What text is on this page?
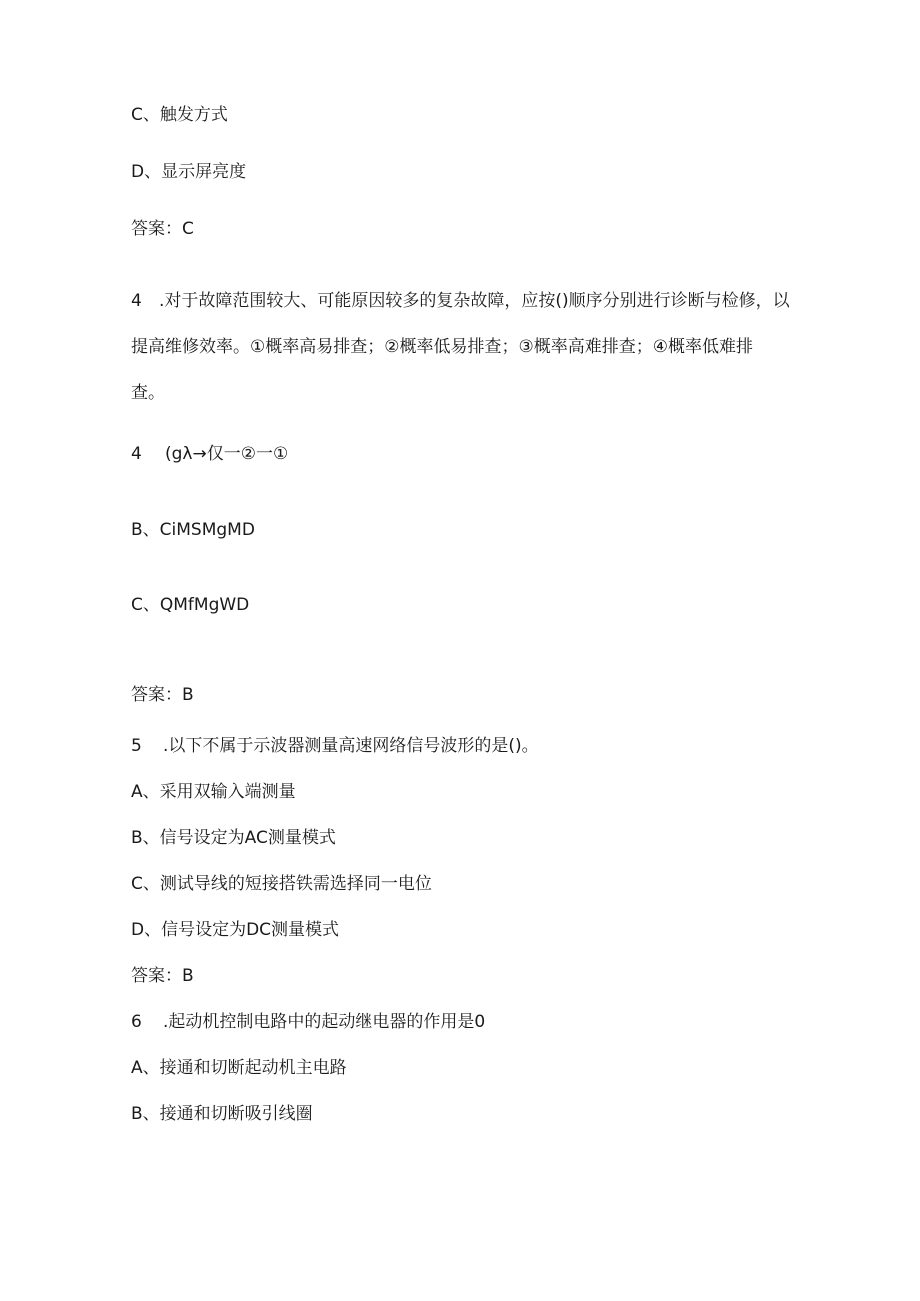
C、触发方式
D、显示屏亮度
答案：C
4 .对于故障范围较大、可能原因较多的复杂故障，应按()顺序分别进行诊断与检修，以
提高维修效率。①概率高易排查；②概率低易排查；③概率高难排查；④概率低难排
查。
4 (gλ→仅一②一①
B、CiMSMgMD
C、QMfMgWD
答案：B
5 .以下不属于示波器测量高速网络信号波形的是()。
A、采用双输入端测量
B、信号设定为AC测量模式
C、测试导线的短接搭铁需选择同一电位
D、信号设定为DC测量模式
答案：B
6 .起动机控制电路中的起动继电器的作用是0
A、接通和切断起动机主电路
B、接通和切断吸引线圈
